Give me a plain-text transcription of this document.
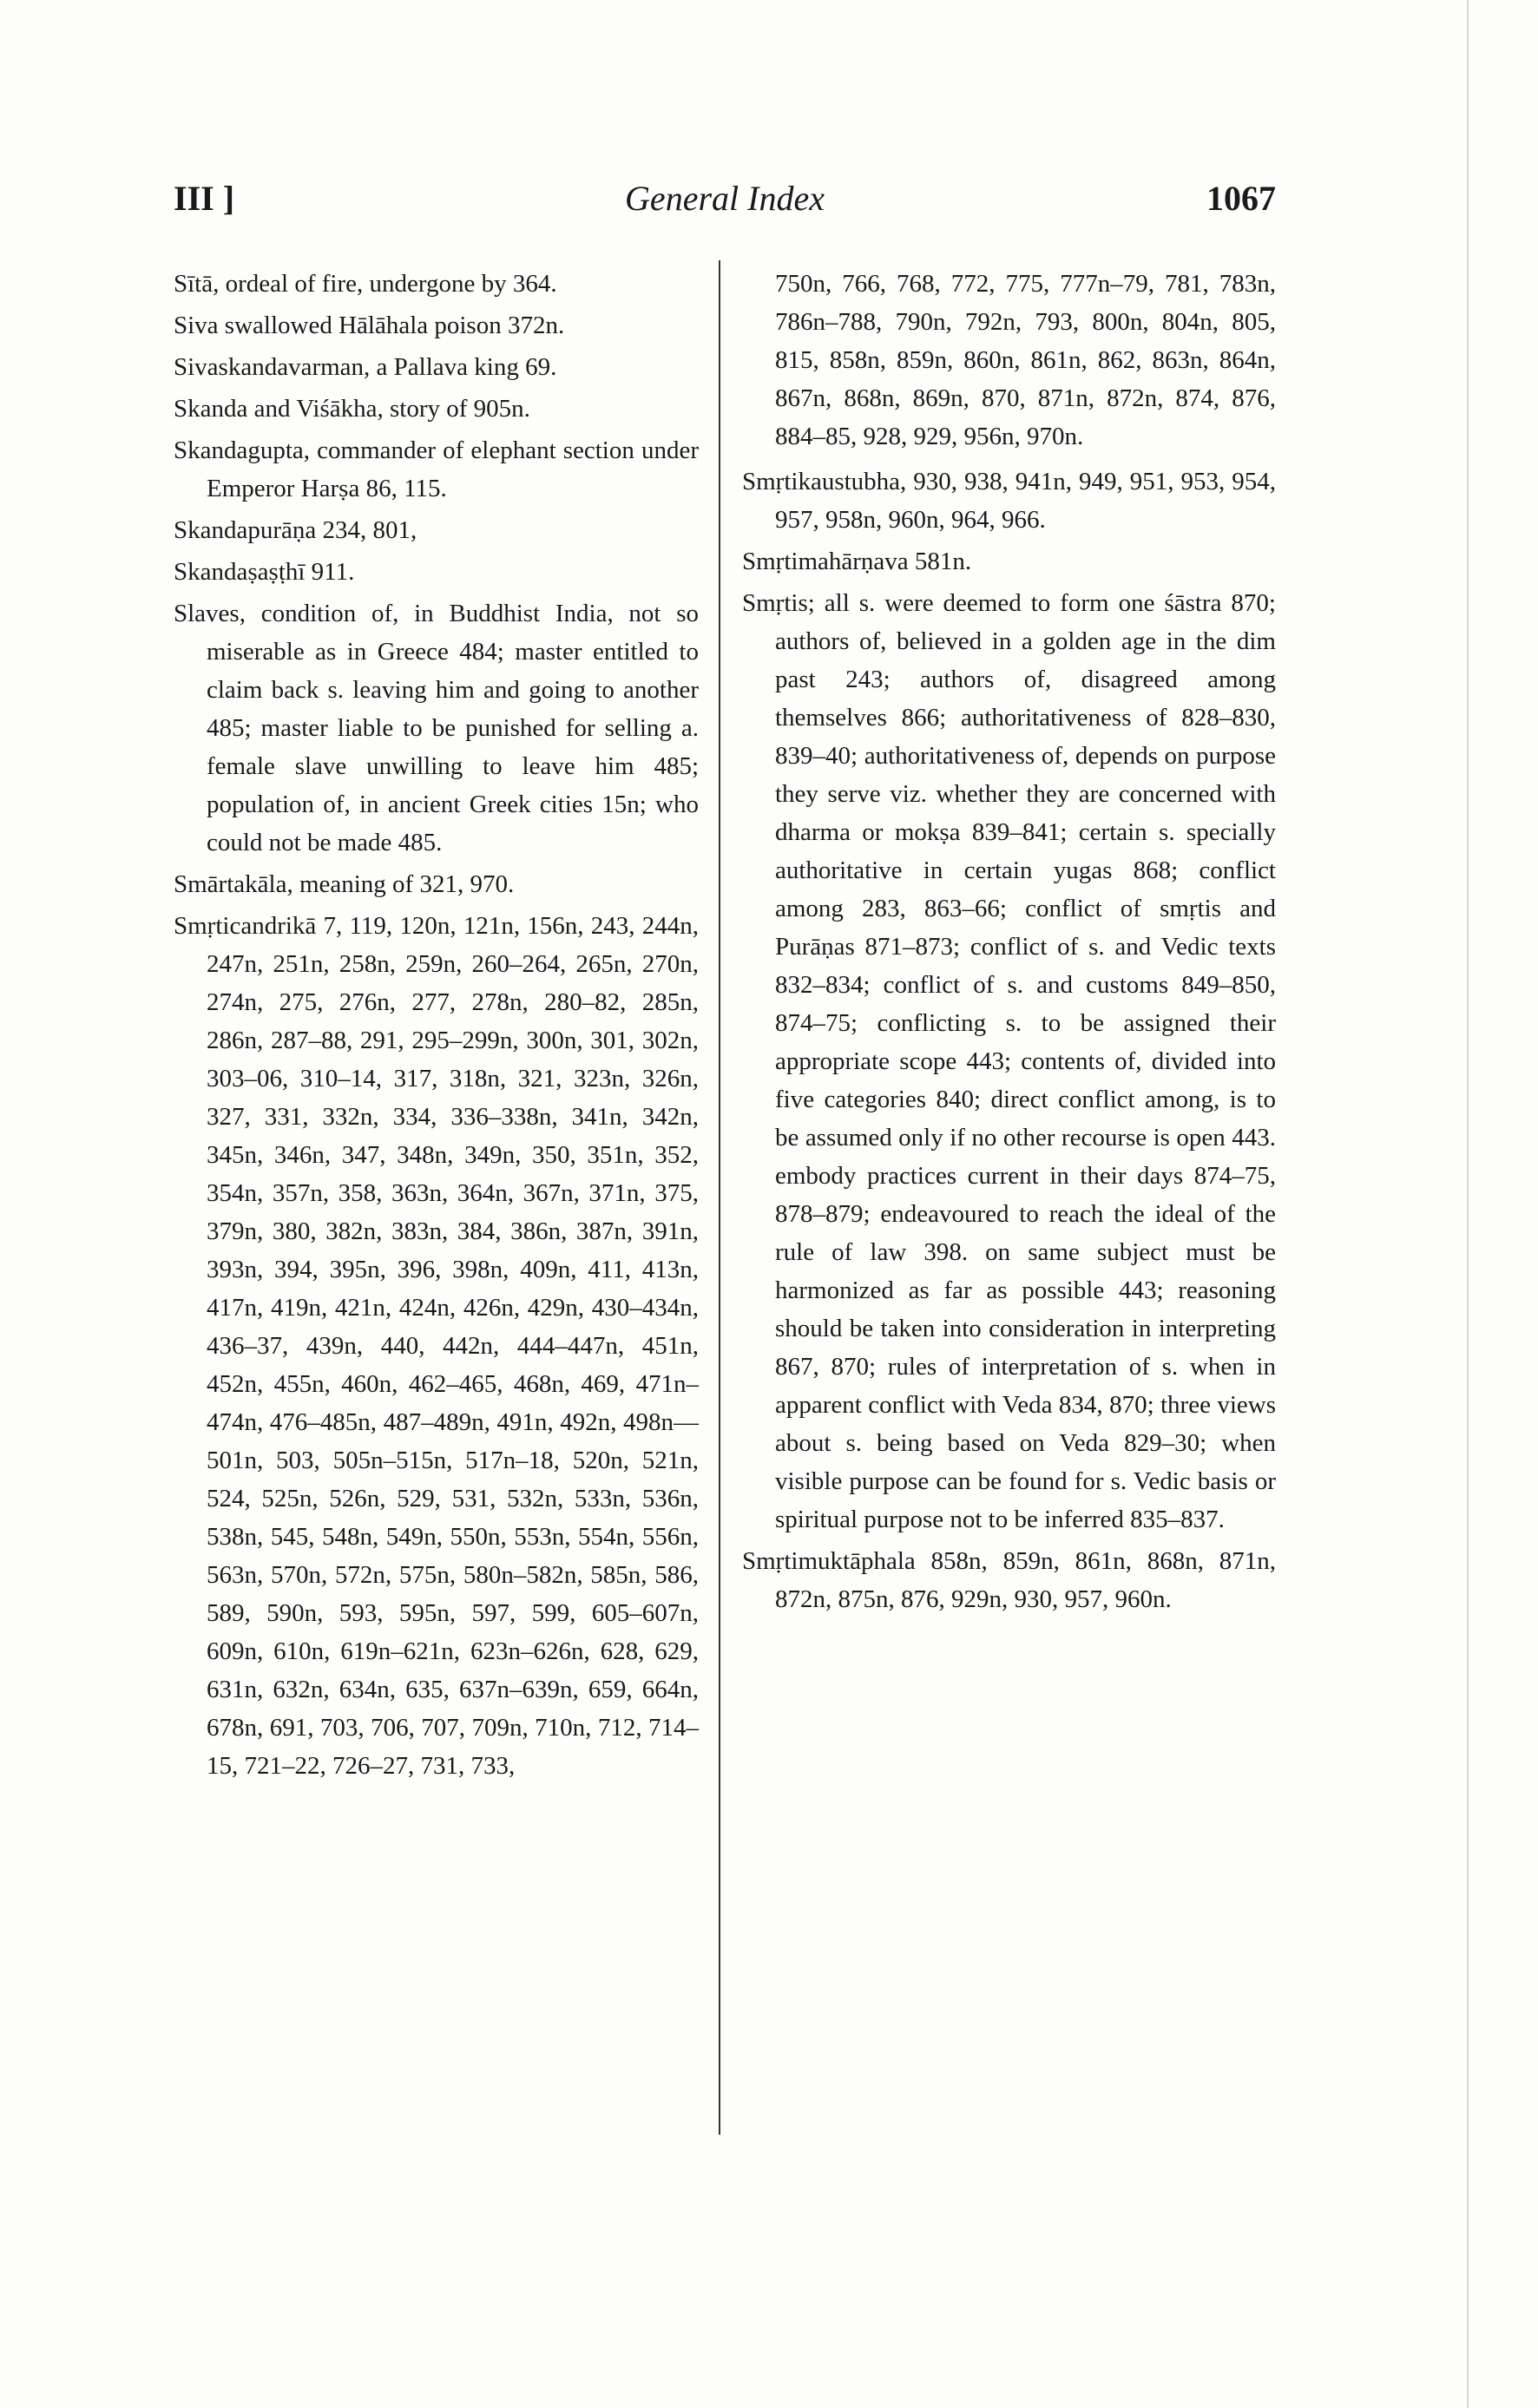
III ]	General Index	1067

Sītā, ordeal of fire, undergone by 364.

Siva swallowed Hālāhala poison 372n.

Sivaskandavarman, a Pallava king 69.

Skanda and Viśākha, story of 905n.

Skandagupta, commander of elephant section under Emperor Harṣa 86, 115.

Skandapurāṇa 234, 801,

Skandaṣaṣṭhī 911.

Slaves, condition of, in Buddhist India, not so miserable as in Greece 484; master entitled to claim back s. leaving him and going to another 485; master liable to be punished for selling a. female slave unwilling to leave him 485; population of, in ancient Greek cities 15n; who could not be made 485.

Smārtakāla, meaning of 321, 970.

Smṛticandrikā 7, 119, 120n, 121n, 156n, 243, 244n, 247n, 251n, 258n, 259n, 260–264, 265n, 270n, 274n, 275, 276n, 277, 278n, 280–82, 285n, 286n, 287–88, 291, 295–299n, 300n, 301, 302n, 303–06, 310–14, 317, 318n, 321, 323n, 326n, 327, 331, 332n, 334, 336–338n, 341n, 342n, 345n, 346n, 347, 348n, 349n, 350, 351n, 352, 354n, 357n, 358, 363n, 364n, 367n, 371n, 375, 379n, 380, 382n, 383n, 384, 386n, 387n, 391n, 393n, 394, 395n, 396, 398n, 409n, 411, 413n, 417n, 419n, 421n, 424n, 426n, 429n, 430–434n, 436–37, 439n, 440, 442n, 444–447n, 451n, 452n, 455n, 460n, 462–465, 468n, 469, 471n–474n, 476–485n, 487–489n, 491n, 492n, 498n—501n, 503, 505n–515n, 517n–18, 520n, 521n, 524, 525n, 526n, 529, 531, 532n, 533n, 536n, 538n, 545, 548n, 549n, 550n, 553n, 554n, 556n, 563n, 570n, 572n, 575n, 580n–582n, 585n, 586, 589, 590n, 593, 595n, 597, 599, 605–607n, 609n, 610n, 619n–621n, 623n–626n, 628, 629, 631n, 632n, 634n, 635, 637n–639n, 659, 664n, 678n, 691, 703, 706, 707, 709n, 710n, 712, 714–15, 721–22, 726–27, 731, 733,

750n, 766, 768, 772, 775, 777n–79, 781, 783n, 786n–788, 790n, 792n, 793, 800n, 804n, 805, 815, 858n, 859n, 860n, 861n, 862, 863n, 864n, 867n, 868n, 869n, 870, 871n, 872n, 874, 876, 884–85, 928, 929, 956n, 970n.

Smṛtikaustubha, 930, 938, 941n, 949, 951, 953, 954, 957, 958n, 960n, 964, 966.

Smṛtimahārṇava 581n.

Smṛtis; all s. were deemed to form one śāstra 870; authors of, believed in a golden age in the dim past 243; authors of, disagreed among themselves 866; authoritativeness of 828–830, 839–40; authoritativeness of, depends on purpose they serve viz. whether they are concerned with dharma or mokṣa 839–841; certain s. specially authoritative in certain yugas 868; conflict among 283, 863–66; conflict of smṛtis and Purāṇas 871–873; conflict of s. and Vedic texts 832–834; conflict of s. and customs 849–850, 874–75; conflicting s. to be assigned their appropriate scope 443; contents of, divided into five categories 840; direct conflict among, is to be assumed only if no other recourse is open 443. embody practices current in their days 874–75, 878–879; endeavoured to reach the ideal of the rule of law 398. on same subject must be harmonized as far as possible 443; reasoning should be taken into consideration in interpreting 867, 870; rules of interpretation of s. when in apparent conflict with Veda 834, 870; three views about s. being based on Veda 829–30; when visible purpose can be found for s. Vedic basis or spiritual purpose not to be inferred 835–837.

Smṛtimuktāphala 858n, 859n, 861n, 868n, 871n, 872n, 875n, 876, 929n, 930, 957, 960n.
